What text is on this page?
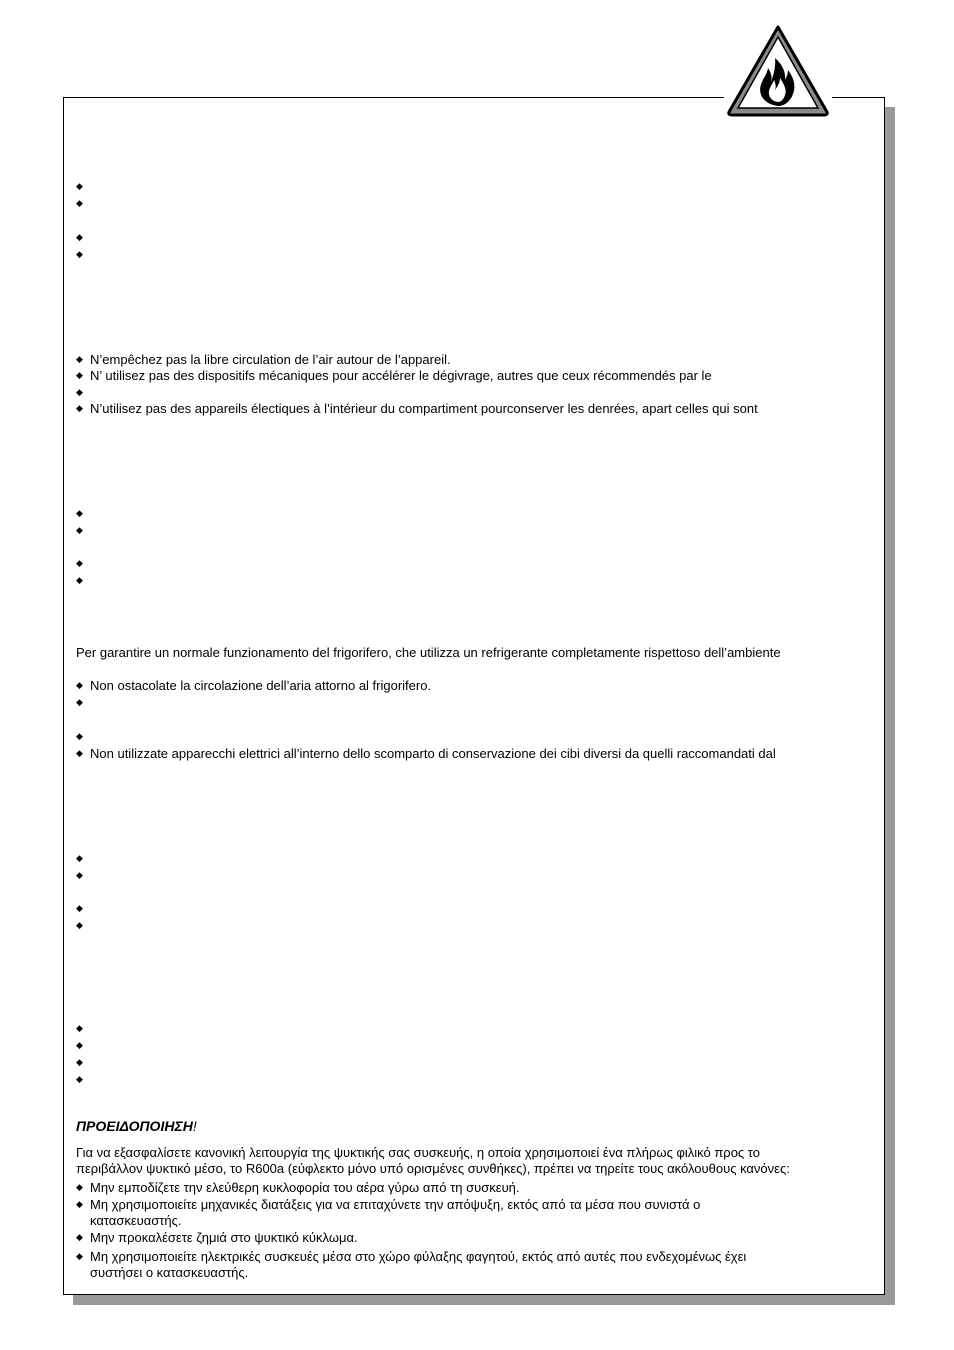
◆
◆
◆
◆
◆ N’empêchez pas la libre circulation de l’air autour de l’appareil.
◆ N’ utilisez pas des dispositifs mécaniques pour accélérer le dégivrage, autres que ceux récommendés par le
◆
◆ N’utilisez pas des appareils électiques à l’intérieur du compartiment pourconserver les denrées, apart celles qui sont
◆
◆
◆
◆
Per garantire un normale funzionamento del frigorifero, che utilizza un refrigerante completamente rispettoso dell’ambiente
◆ Non ostacolate la circolazione dell’aria attorno al frigorifero.
◆
◆
◆ Non utilizzate apparecchi elettrici all’interno dello scomparto di conservazione dei cibi diversi da quelli raccomandati dal
◆
◆
◆
◆
◆
◆
◆
◆
ΠΡΟΕΙΔΟΠΟΙΗΣΗ!
Για να εξασφαλίσετε κανονική λειτουργία της ψυκτικής σας συσκευής, η οποία χρησιμοποιεί ένα πλήρως φιλικό προς το
περιβάλλον ψυκτικό μέσο, το R600a (εύφλεκτο μόνο υπό ορισμένες συνθήκες), πρέπει να τηρείτε τους ακόλουθους κανόνες:
◆ Μην εμποδίζετε την ελεύθερη κυκλοφορία του αέρα γύρω από τη συσκευή.
◆ Μη χρησιμοποιείτε μηχανικές διατάξεις για να επιταχύνετε την απόψυξη, εκτός από τα μέσα που συνιστά ο
κατασκευαστής.
◆ Μην προκαλέσετε ζημιά στο ψυκτικό κύκλωμα.
◆ Μη χρησιμοποιείτε ηλεκτρικές συσκευές μέσα στο χώρο φύλαξης φαγητού, εκτός από αυτές που ενδεχομένως έχει
συστήσει ο κατασκευαστής.
